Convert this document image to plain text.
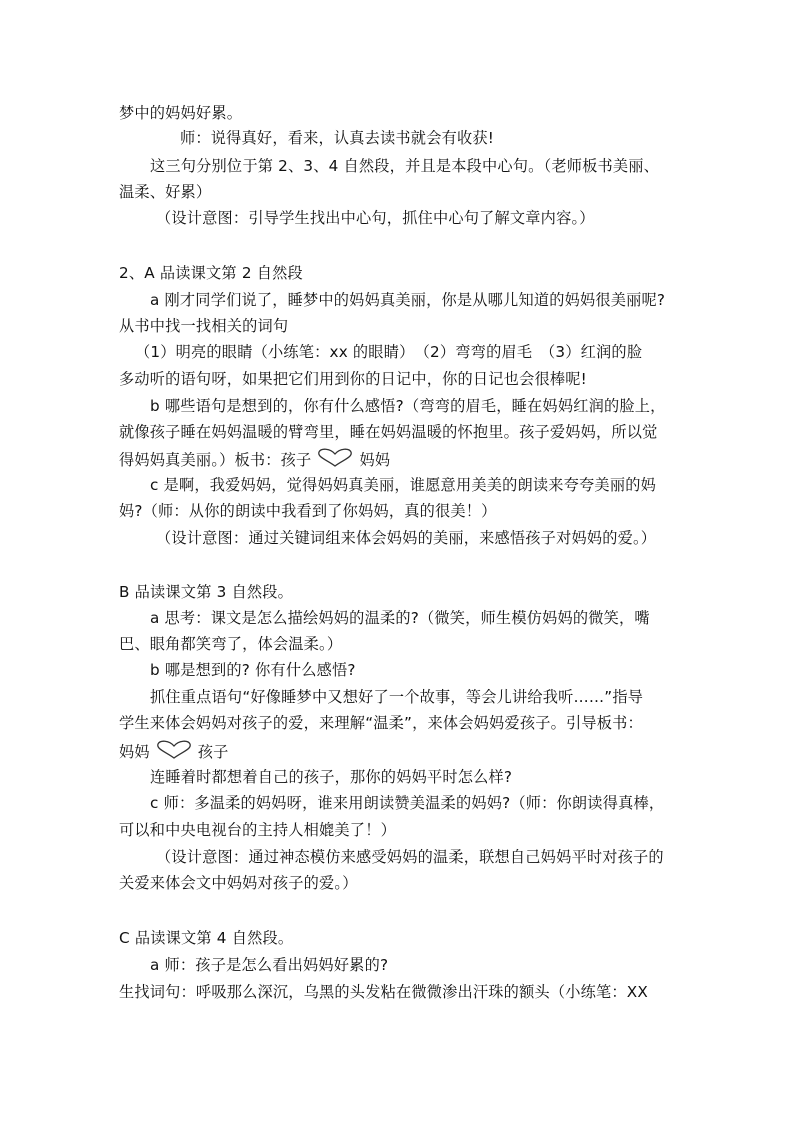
梦中的妈妈好累。
师：说得真好，看来，认真去读书就会有收获!
这三句分别位于第 2、3、4 自然段，并且是本段中心句。（老师板书美丽、
温柔、好累）
（设计意图：引导学生找出中心句，抓住中心句了解文章内容。）
2、A 品读课文第 2 自然段
a 刚才同学们说了，睡梦中的妈妈真美丽，你是从哪儿知道的妈妈很美丽呢?
从书中找一找相关的词句
（1）明亮的眼睛（小练笔：xx 的眼睛）　（2）弯弯的眉毛　（3）红润的脸
多动听的语句呀，如果把它们用到你的日记中，你的日记也会很棒呢!
b 哪些语句是想到的，你有什么感悟?（弯弯的眉毛，睡在妈妈红润的脸上，
就像孩子睡在妈妈温暖的臂弯里，睡在妈妈温暖的怀抱里。孩子爱妈妈，所以觉
得妈妈真美丽。）板书：孩子	妈妈
c 是啊，我爱妈妈，觉得妈妈真美丽，谁愿意用美美的朗读来夸夸美丽的妈
妈?（师：从你的朗读中我看到了你妈妈，真的很美！）
（设计意图：通过关键词组来体会妈妈的美丽，来感悟孩子对妈妈的爱。）
B 品读课文第 3 自然段。
a 思考：课文是怎么描绘妈妈的温柔的?（微笑，师生模仿妈妈的微笑，嘴
巴、眼角都笑弯了，体会温柔。）
b 哪是想到的? 你有什么感悟?
抓住重点语句“好像睡梦中又想好了一个故事，等会儿讲给我听……”指导
学生来体会妈妈对孩子的爱，来理解“温柔”，来体会妈妈爱孩子。引导板书：
妈妈	孩子
连睡着时都想着自己的孩子，那你的妈妈平时怎么样?
c 师：多温柔的妈妈呀，谁来用朗读赞美温柔的妈妈?（师：你朗读得真棒，
可以和中央电视台的主持人相媲美了！）
（设计意图：通过神态模仿来感受妈妈的温柔，联想自己妈妈平时对孩子的
关爱来体会文中妈妈对孩子的爱。）
C 品读课文第 4 自然段。
a 师：孩子是怎么看出妈妈好累的?
生找词句：呼吸那么深沉，乌黑的头发粘在微微渗出汗珠的额头（小练笔：XX
